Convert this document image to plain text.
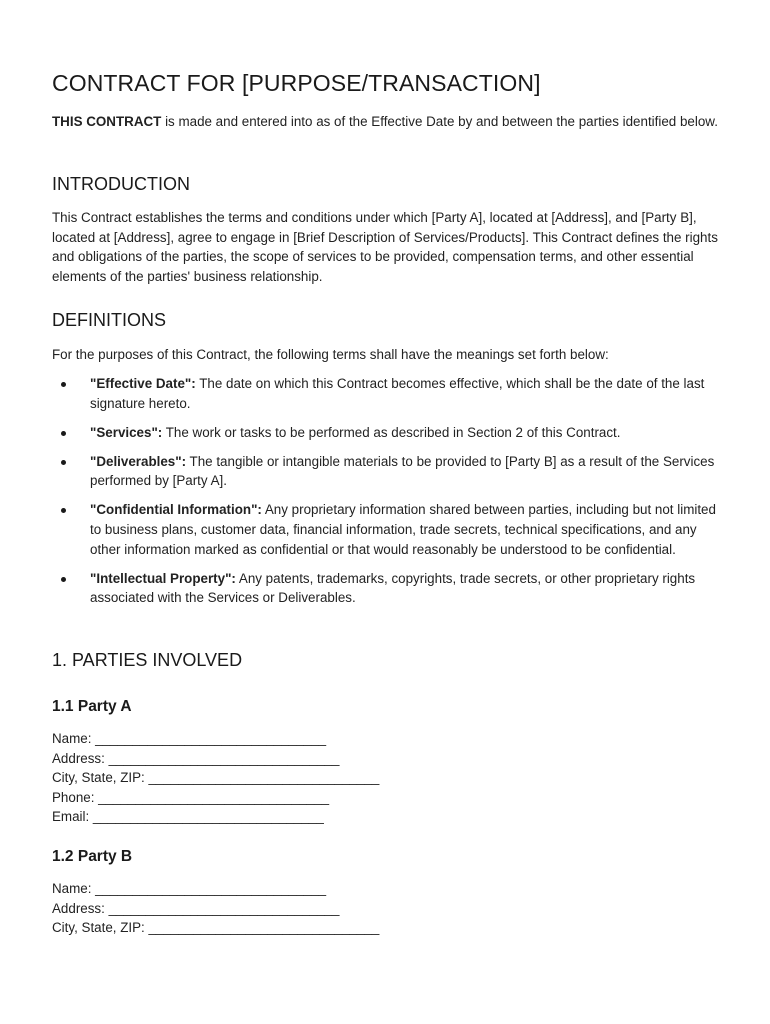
CONTRACT FOR [PURPOSE/TRANSACTION]
THIS CONTRACT is made and entered into as of the Effective Date by and between the parties identified below.
INTRODUCTION
This Contract establishes the terms and conditions under which [Party A], located at [Address], and [Party B], located at [Address], agree to engage in [Brief Description of Services/Products]. This Contract defines the rights and obligations of the parties, the scope of services to be provided, compensation terms, and other essential elements of the parties' business relationship.
DEFINITIONS
For the purposes of this Contract, the following terms shall have the meanings set forth below:
"Effective Date": The date on which this Contract becomes effective, which shall be the date of the last signature hereto.
"Services": The work or tasks to be performed as described in Section 2 of this Contract.
"Deliverables": The tangible or intangible materials to be provided to [Party B] as a result of the Services performed by [Party A].
"Confidential Information": Any proprietary information shared between parties, including but not limited to business plans, customer data, financial information, trade secrets, technical specifications, and any other information marked as confidential or that would reasonably be understood to be confidential.
"Intellectual Property": Any patents, trademarks, copyrights, trade secrets, or other proprietary rights associated with the Services or Deliverables.
1. PARTIES INVOLVED
1.1 Party A
Name: _______________________________
Address: _______________________________
City, State, ZIP: _______________________________
Phone: _______________________________
Email: _______________________________
1.2 Party B
Name: _______________________________
Address: _______________________________
City, State, ZIP: _______________________________
